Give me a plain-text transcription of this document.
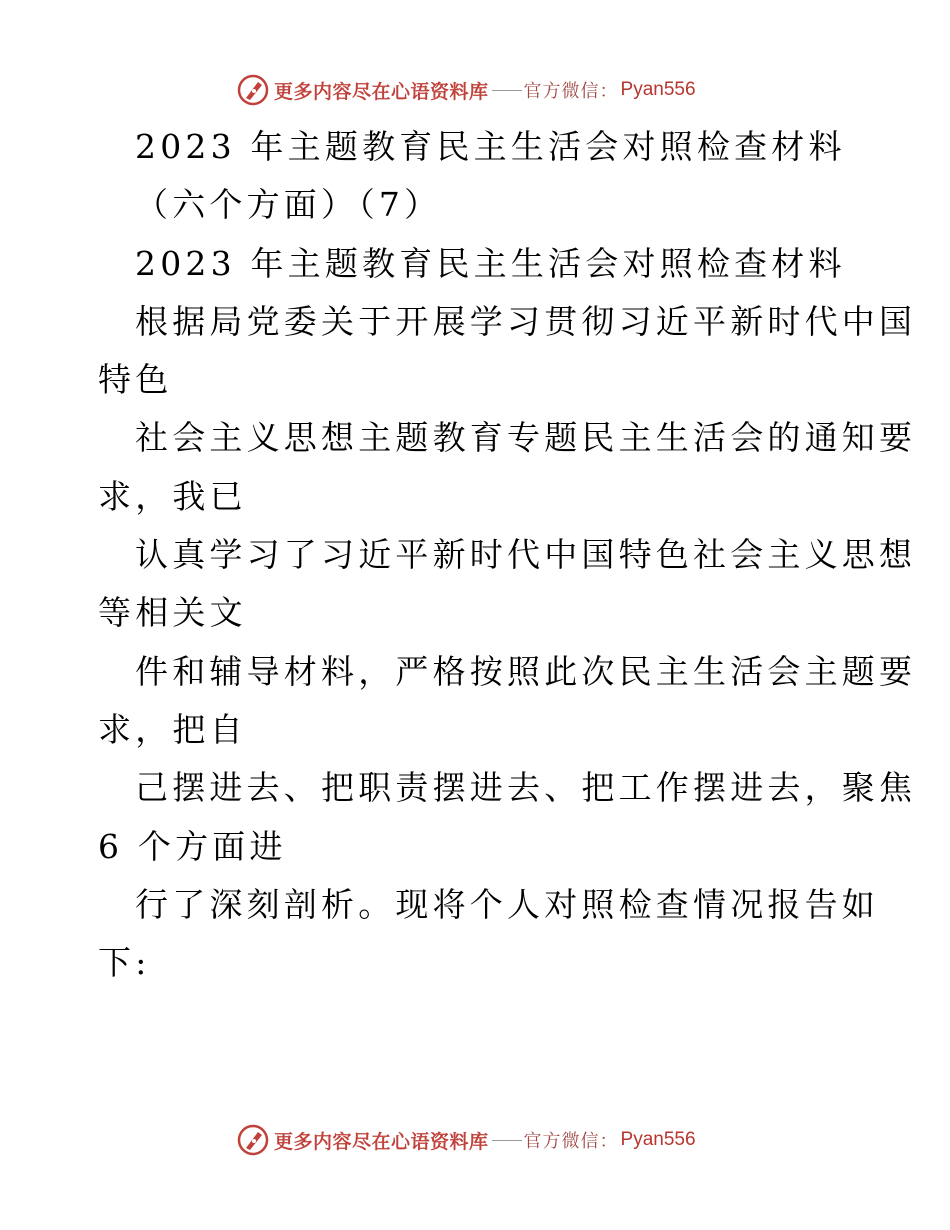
更多内容尽在心语资料库 官方微信： Pyan556
2023 年主题教育民主生活会对照检查材料
（六个方面）（7）
2023 年主题教育民主生活会对照检查材料
根据局党委关于开展学习贯彻习近平新时代中国
特色
社会主义思想主题教育专题民主生活会的通知要
求，我已
认真学习了习近平新时代中国特色社会主义思想
等相关文
件和辅导材料，严格按照此次民主生活会主题要
求，把自
己摆进去、把职责摆进去、把工作摆进去，聚焦
6 个方面进
行了深刻剖析。现将个人对照检查情况报告如
下:
更多内容尽在心语资料库 官方微信： Pyan556
